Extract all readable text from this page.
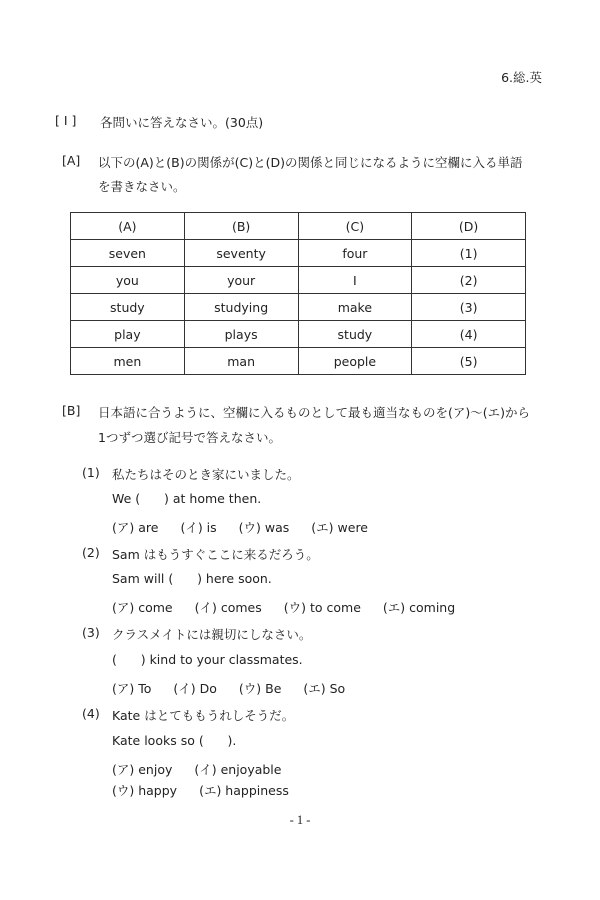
6.総.英
[ I ] 各問いに答えなさい。(30点)
[A] 以下の(A)と(B)の関係が(C)と(D)の関係と同じになるように空欄に入る単語
を書きなさい。
(A)	(B)	(C)	(D)
seven	seventy	four	(1)
you	your	I	(2)
study	studying	make	(3)
play	plays	study	(4)
men	man	people	(5)
[B] 日本語に合うように、空欄に入るものとして最も適当なものを(ア)～(エ)から
1つずつ選び記号で答えなさい。
(1) 私たちはそのとき家にいました。
We (      ) at home then.
(ア) are (イ) is (ウ) was (エ) were
(2) Sam はもうすぐここに来るだろう。
Sam will (      ) here soon.
(ア) come (イ) comes (ウ) to come (エ) coming
(3) クラスメイトには親切にしなさい。
(      ) kind to your classmates.
(ア) To (イ) Do (ウ) Be (エ) So
(4) Kate はとてももうれしそうだ。
Kate looks so (      ).
(ア) enjoy (イ) enjoyable
(ウ) happy (エ) happiness
- 1 -
